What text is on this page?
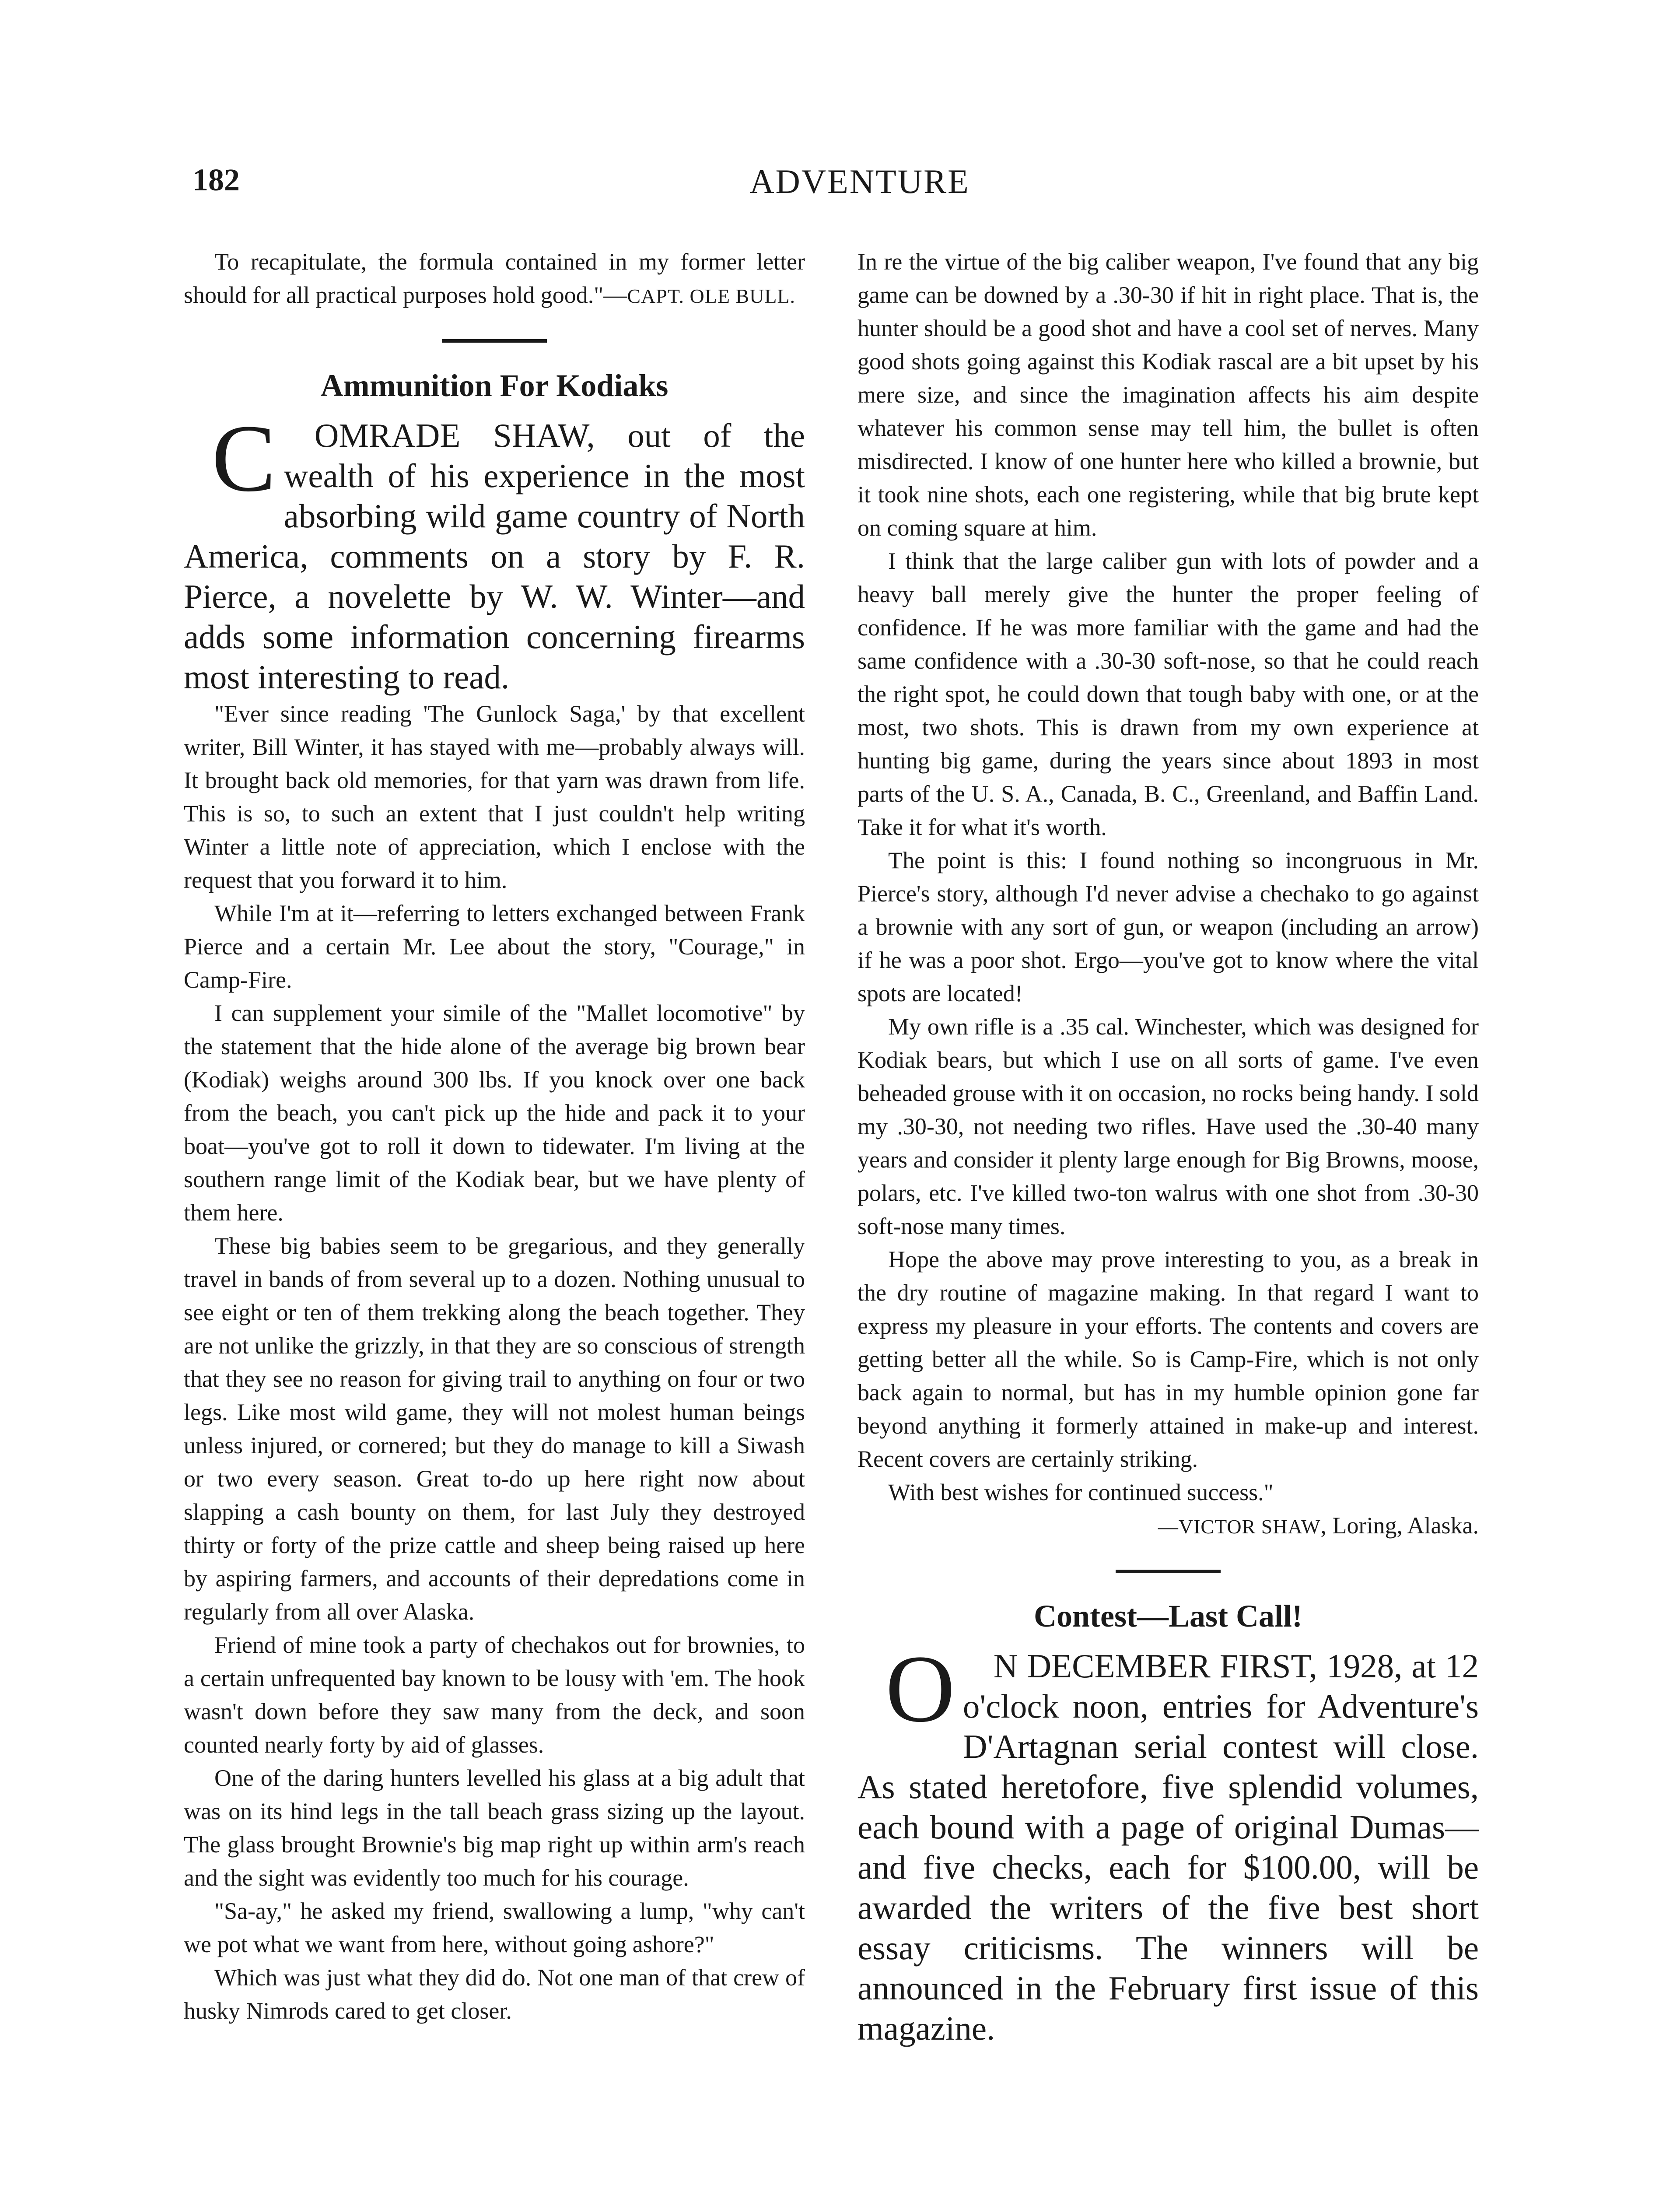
182	ADVENTURE

To recapitulate, the formula contained in my former letter should for all practical purposes hold good."—CAPT. OLE BULL.

Ammunition For Kodiaks

C OMRADE SHAW, out of the wealth of his experience in the most absorbing wild game country of North America, comments on a story by F. R. Pierce, a novelette by W. W. Winter—and adds some information concerning firearms most interesting to read.

"Ever since reading 'The Gunlock Saga,' by that excellent writer, Bill Winter, it has stayed with me—probably always will. It brought back old memories, for that yarn was drawn from life. This is so, to such an extent that I just couldn't help writing Winter a little note of appreciation, which I enclose with the request that you forward it to him.

While I'm at it—referring to letters exchanged between Frank Pierce and a certain Mr. Lee about the story, "Courage," in Camp-Fire.

I can supplement your simile of the "Mallet locomotive" by the statement that the hide alone of the average big brown bear (Kodiak) weighs around 300 lbs. If you knock over one back from the beach, you can't pick up the hide and pack it to your boat—you've got to roll it down to tidewater. I'm living at the southern range limit of the Kodiak bear, but we have plenty of them here.

These big babies seem to be gregarious, and they generally travel in bands of from several up to a dozen. Nothing unusual to see eight or ten of them trekking along the beach together. They are not unlike the grizzly, in that they are so conscious of strength that they see no reason for giving trail to anything on four or two legs. Like most wild game, they will not molest human beings unless injured, or cornered; but they do manage to kill a Siwash or two every season. Great to-do up here right now about slapping a cash bounty on them, for last July they destroyed thirty or forty of the prize cattle and sheep being raised up here by aspiring farmers, and accounts of their depredations come in regularly from all over Alaska.

Friend of mine took a party of chechakos out for brownies, to a certain unfrequented bay known to be lousy with 'em. The hook wasn't down before they saw many from the deck, and soon counted nearly forty by aid of glasses.

One of the daring hunters levelled his glass at a big adult that was on its hind legs in the tall beach grass sizing up the layout. The glass brought Brownie's big map right up within arm's reach and the sight was evidently too much for his courage.

"Sa-ay," he asked my friend, swallowing a lump, "why can't we pot what we want from here, without going ashore?"

Which was just what they did do. Not one man of that crew of husky Nimrods cared to get closer.

In re the virtue of the big caliber weapon, I've found that any big game can be downed by a .30-30 if hit in right place. That is, the hunter should be a good shot and have a cool set of nerves. Many good shots going against this Kodiak rascal are a bit upset by his mere size, and since the imagination affects his aim despite whatever his common sense may tell him, the bullet is often misdirected. I know of one hunter here who killed a brownie, but it took nine shots, each one registering, while that big brute kept on coming square at him.

I think that the large caliber gun with lots of powder and a heavy ball merely give the hunter the proper feeling of confidence. If he was more familiar with the game and had the same confidence with a .30-30 soft-nose, so that he could reach the right spot, he could down that tough baby with one, or at the most, two shots. This is drawn from my own experience at hunting big game, during the years since about 1893 in most parts of the U. S. A., Canada, B. C., Greenland, and Baffin Land. Take it for what it's worth.

The point is this: I found nothing so incongruous in Mr. Pierce's story, although I'd never advise a chechako to go against a brownie with any sort of gun, or weapon (including an arrow) if he was a poor shot. Ergo—you've got to know where the vital spots are located!

My own rifle is a .35 cal. Winchester, which was designed for Kodiak bears, but which I use on all sorts of game. I've even beheaded grouse with it on occasion, no rocks being handy. I sold my .30-30, not needing two rifles. Have used the .30-40 many years and consider it plenty large enough for Big Browns, moose, polars, etc. I've killed two-ton walrus with one shot from .30-30 soft-nose many times.

Hope the above may prove interesting to you, as a break in the dry routine of magazine making. In that regard I want to express my pleasure in your efforts. The contents and covers are getting better all the while. So is Camp-Fire, which is not only back again to normal, but has in my humble opinion gone far beyond anything it formerly attained in make-up and interest. Recent covers are certainly striking.

With best wishes for continued success."

—VICTOR SHAW, Loring, Alaska.

Contest—Last Call!

O N DECEMBER FIRST, 1928, at 12 o'clock noon, entries for Adventure's D'Artagnan serial contest will close. As stated heretofore, five splendid volumes, each bound with a page of original Dumas—and five checks, each for $100.00, will be awarded the writers of the five best short essay criticisms. The winners will be announced in the February first issue of this magazine.
